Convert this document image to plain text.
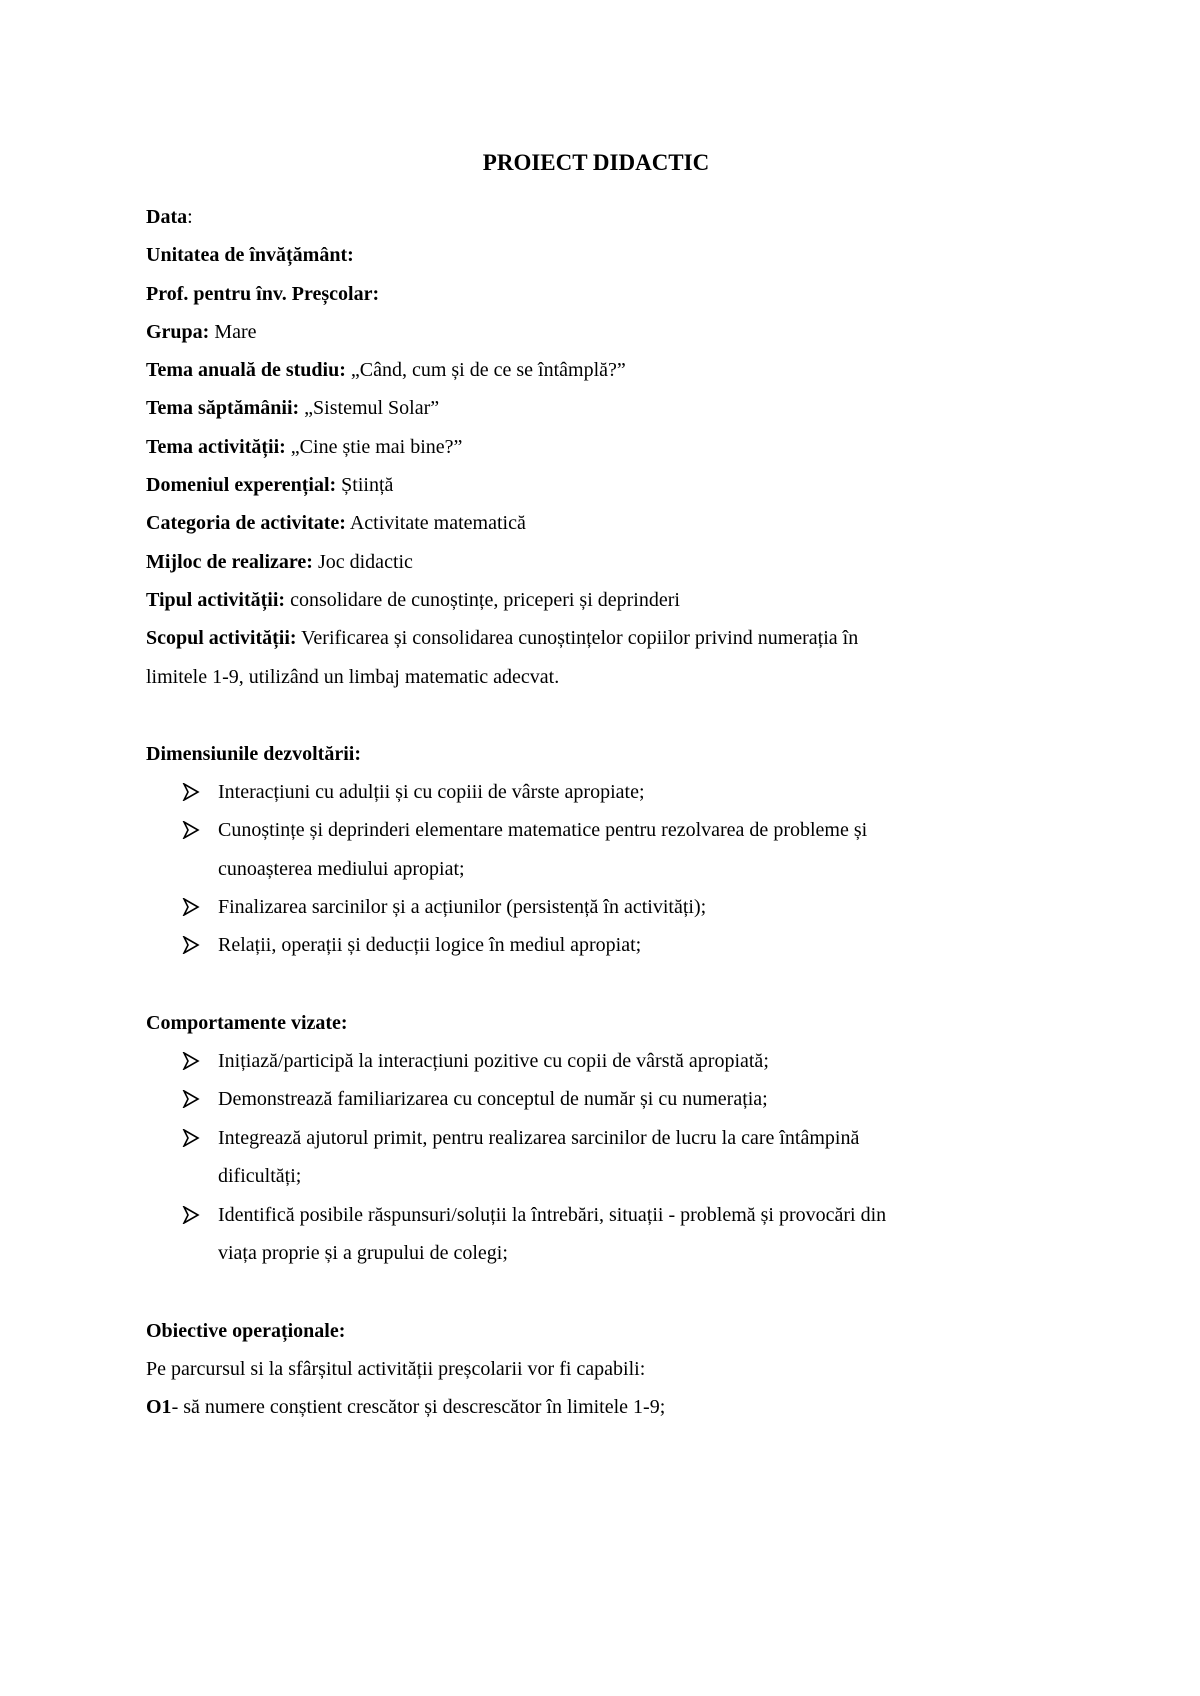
PROIECT DIDACTIC
Data:
Unitatea de învățământ:
Prof. pentru înv. Preșcolar:
Grupa: Mare
Tema anuală de studiu: „Când, cum și de ce se întâmplă?”
Tema săptămânii: „Sistemul Solar”
Tema activității: „Cine știe mai bine?”
Domeniul experențial: Știință
Categoria de activitate: Activitate matematică
Mijloc de realizare: Joc didactic
Tipul activității: consolidare de cunoștințe, priceperi și deprinderi
Scopul activității: Verificarea și consolidarea cunoștințelor copiilor privind numerația în
limitele 1-9, utilizând un limbaj matematic adecvat.
Dimensiunile dezvoltării:
Interacțiuni cu adulții și cu copiii de vârste apropiate;
Cunoștințe și deprinderi elementare matematice pentru rezolvarea de probleme și
cunoașterea mediului apropiat;
Finalizarea sarcinilor și a acțiunilor (persistență în activități);
Relații, operații și deducții logice în mediul apropiat;
Comportamente vizate:
Inițiază/participă la interacțiuni pozitive cu copii de vârstă apropiată;
Demonstrează familiarizarea cu conceptul de număr și cu numerația;
Integrează ajutorul primit, pentru realizarea sarcinilor de lucru la care întâmpină
dificultăți;
Identifică posibile răspunsuri/soluții la întrebări, situații - problemă și provocări din
viața proprie și a grupului de colegi;
Obiective operaționale:
Pe parcursul si la sfârșitul activității preșcolarii vor fi capabili:
O1- să numere conștient crescător și descrescător în limitele 1-9;
